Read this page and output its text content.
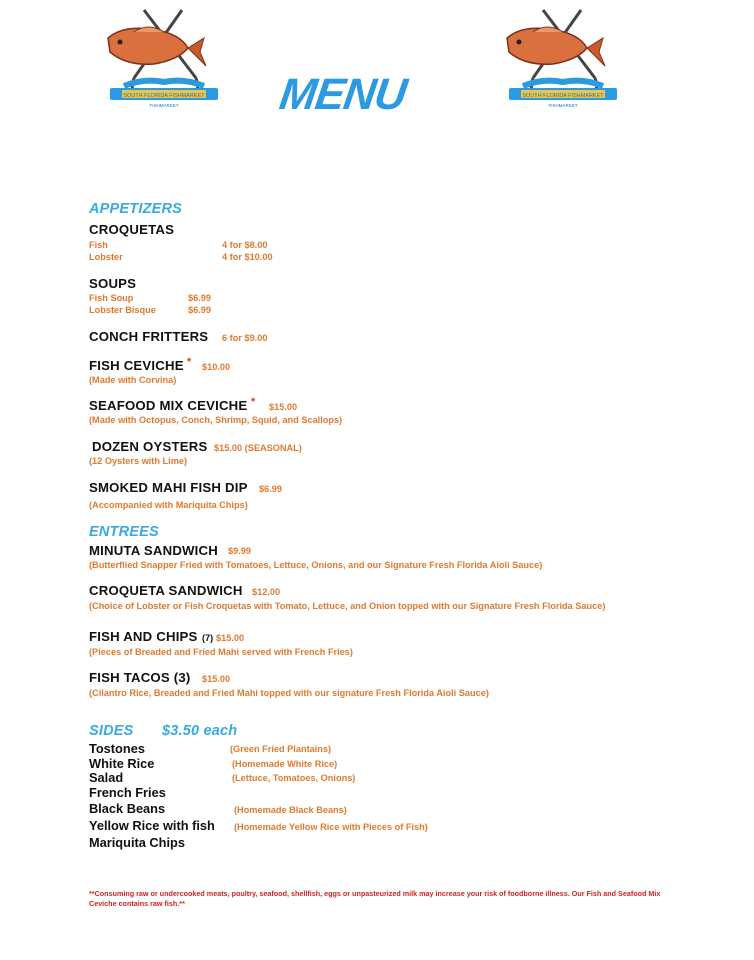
SOUTH FLORIDA FISHMARKET
FISHMARKET
SOUTH FLORIDA FISHMARKET
FISHMARKET
MENU
APPETIZERS
CROQUETAS
Fish	4 for $8.00
Lobster	4 for $10.00
SOUPS
Fish Soup	$6.99
Lobster Bisque	$6.99
CONCH FRITTERS 6 for $9.00
FISH CEVICHE * $10.00
(Made with Corvina)
SEAFOOD MIX CEVICHE * $15.00
(Made with Octopus, Conch, Shrimp, Squid, and Scallops)
DOZEN OYSTERS $15.00 (SEASONAL)
(12 Oysters with Lime)
SMOKED MAHI FISH DIP $6.99
(Accompanied with Mariquita Chips)
ENTREES
MINUTA SANDWICH $9.99
(Butterflied Snapper Fried with Tomatoes, Lettuce, Onions, and our Signature Fresh Florida Aioli Sauce)
CROQUETA SANDWICH $12.00
(Choice of Lobster or Fish Croquetas with Tomato, Lettuce, and Onion topped with our Signature Fresh Florida Sauce)
FISH AND CHIPS (7) $15.00
(Pieces of Breaded and Fried Mahi served with French Fries)
FISH TACOS (3) $15.00
(Cilantro Rice, Breaded and Fried Mahi topped with our signature Fresh Florida Aioli Sauce)
SIDES $3.50 each
Tostones	(Green Fried Plantains)
White Rice	(Homemade White Rice)
Salad	(Lettuce, Tomatoes, Onions)
French Fries
Black Beans	(Homemade Black Beans)
Yellow Rice with fish (Homemade Yellow Rice with Pieces of Fish)
Mariquita Chips
**Consuming raw or undercooked meats, poultry, seafood, shellfish, eggs or unpasteurized milk may increase your risk of foodborne illness. Our Fish and Seafood Mix Ceviche contains raw fish.**
